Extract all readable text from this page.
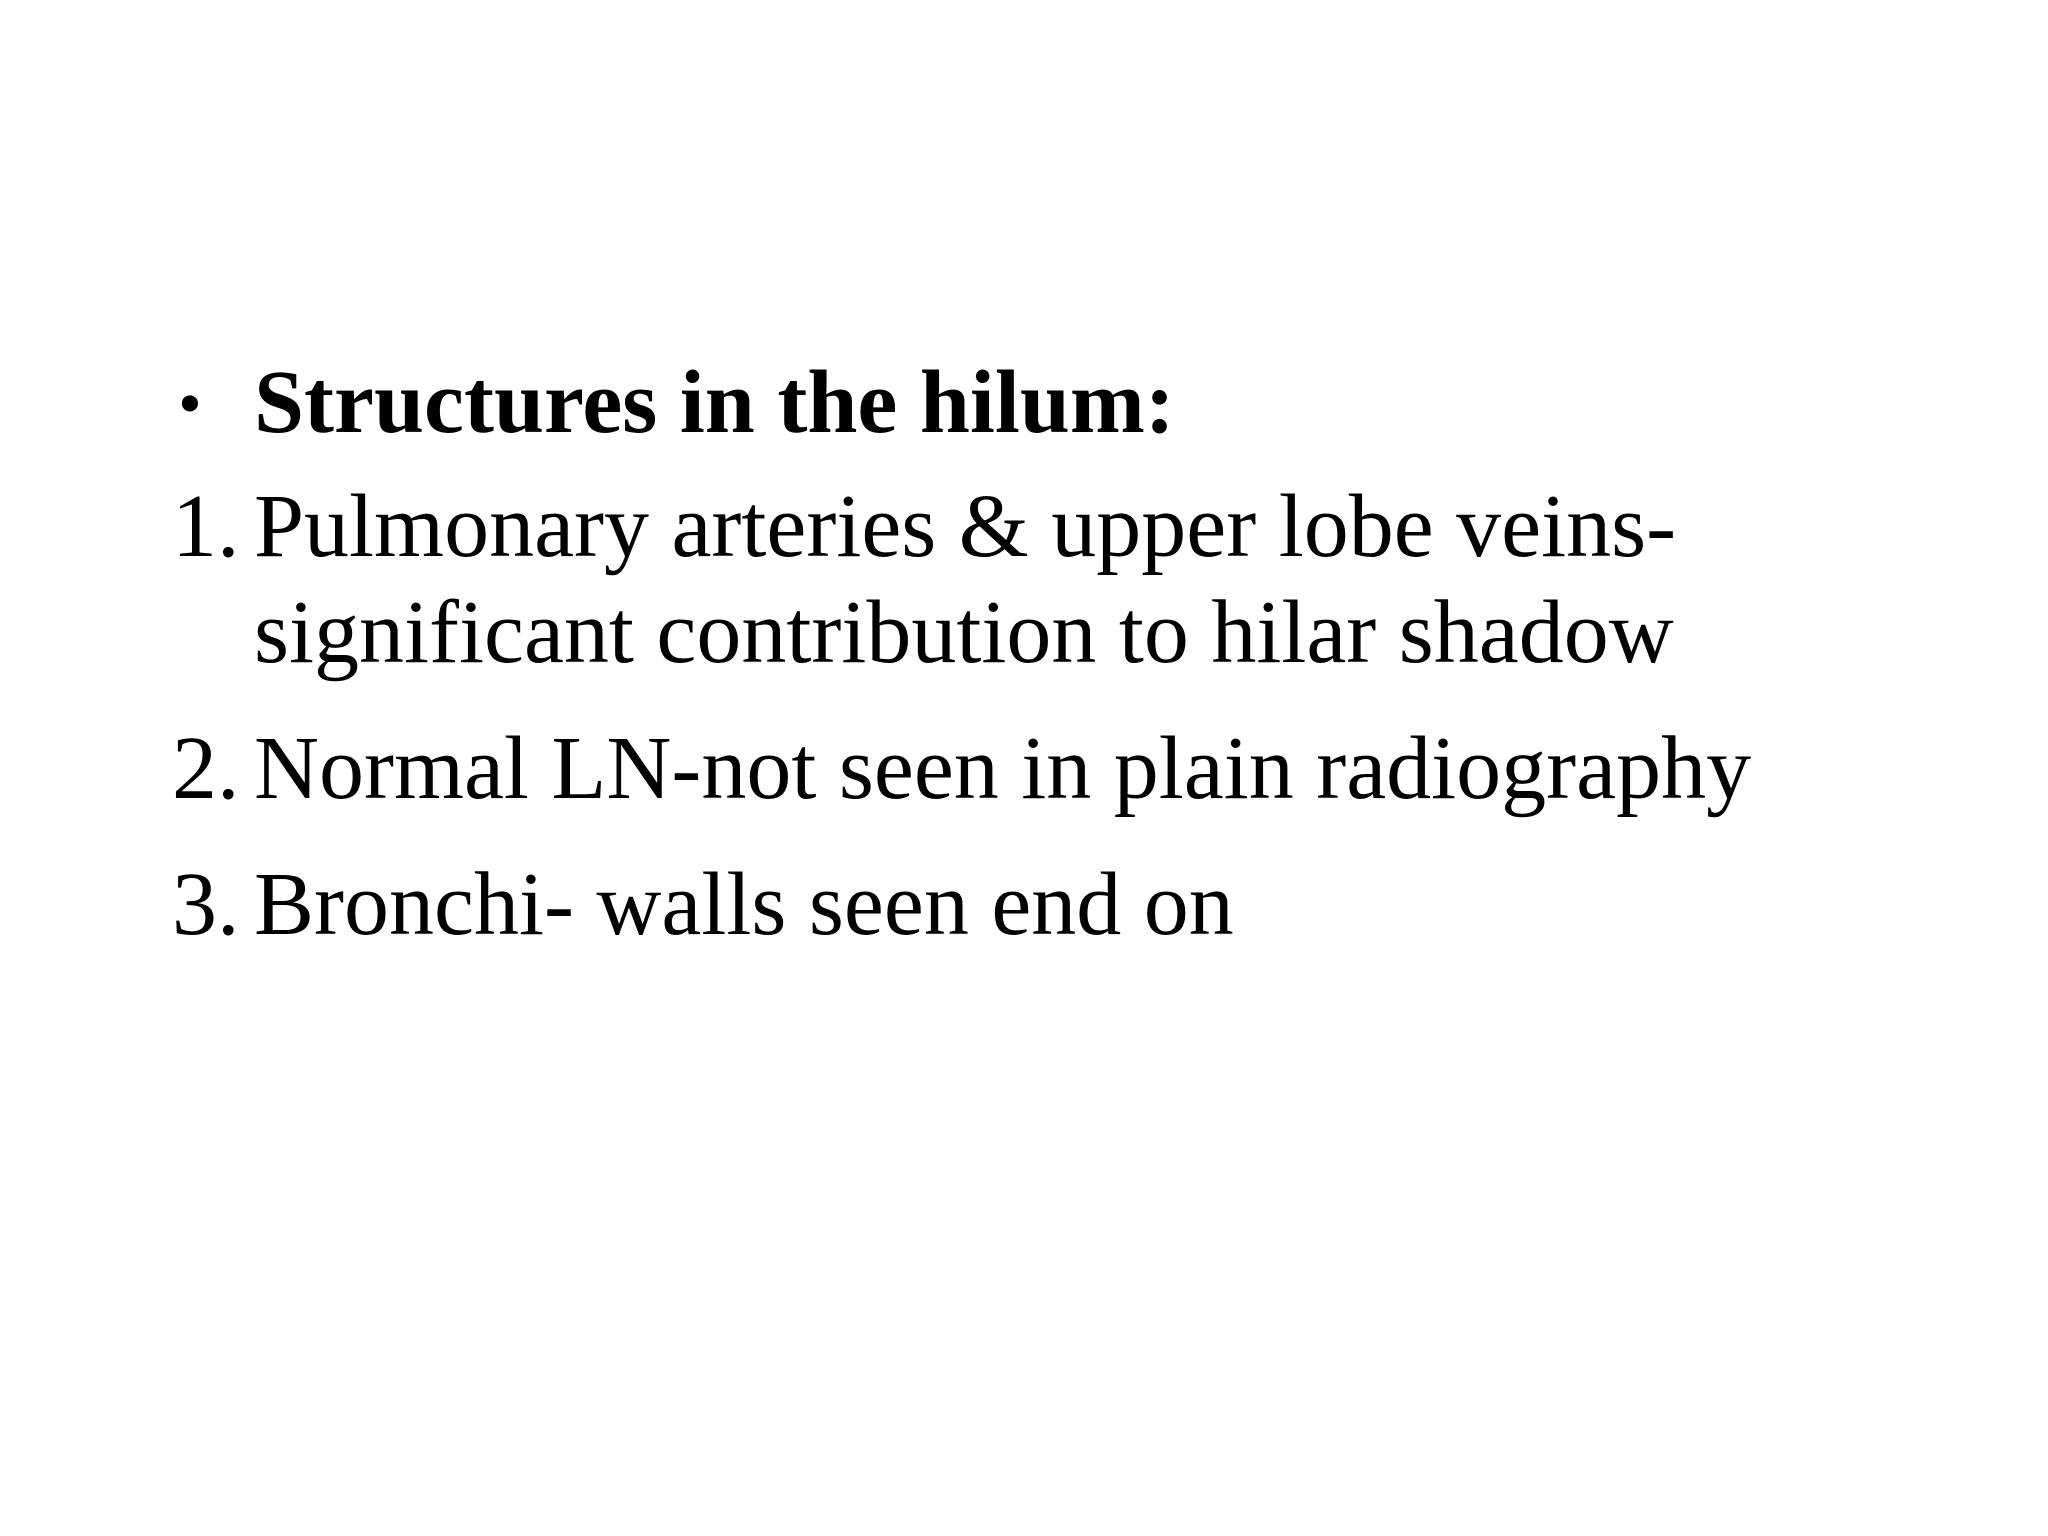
• Structures in the hilum:
1. Pulmonary arteries & upper lobe veins-
significant contribution to hilar shadow
2. Normal LN-not seen in plain radiography
3. Bronchi- walls seen end on
